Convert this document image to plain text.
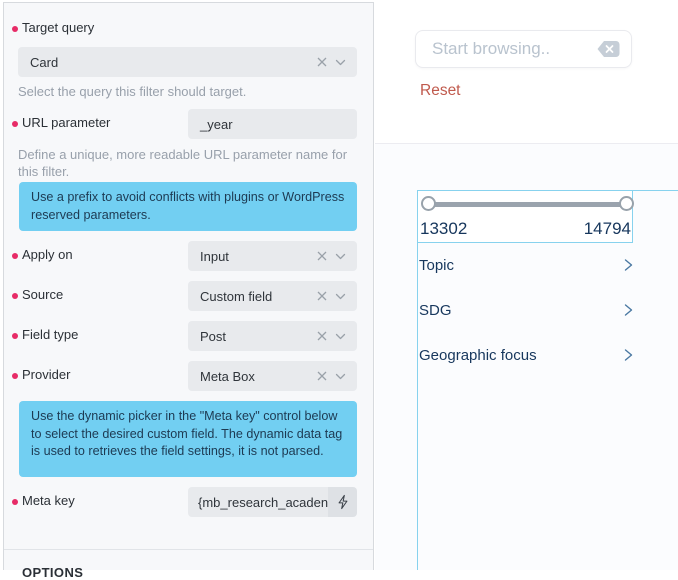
Target query
Card
Select the query this filter should target.
URL parameter	_year
Define a unique, more readable URL parameter name for this filter.
Use a prefix to avoid conflicts with plugins or WordPress reserved parameters.
Apply on	Input
Source	Custom field
Field type	Post
Provider	Meta Box
Use the dynamic picker in the "Meta key" control below to select the desired custom field. The dynamic data tag is used to retrieves the field settings, it is not parsed.
Meta key	{mb_research_acaden
OPTIONS
Start browsing..
Reset
13302	14794
Topic
SDG
Geographic focus
